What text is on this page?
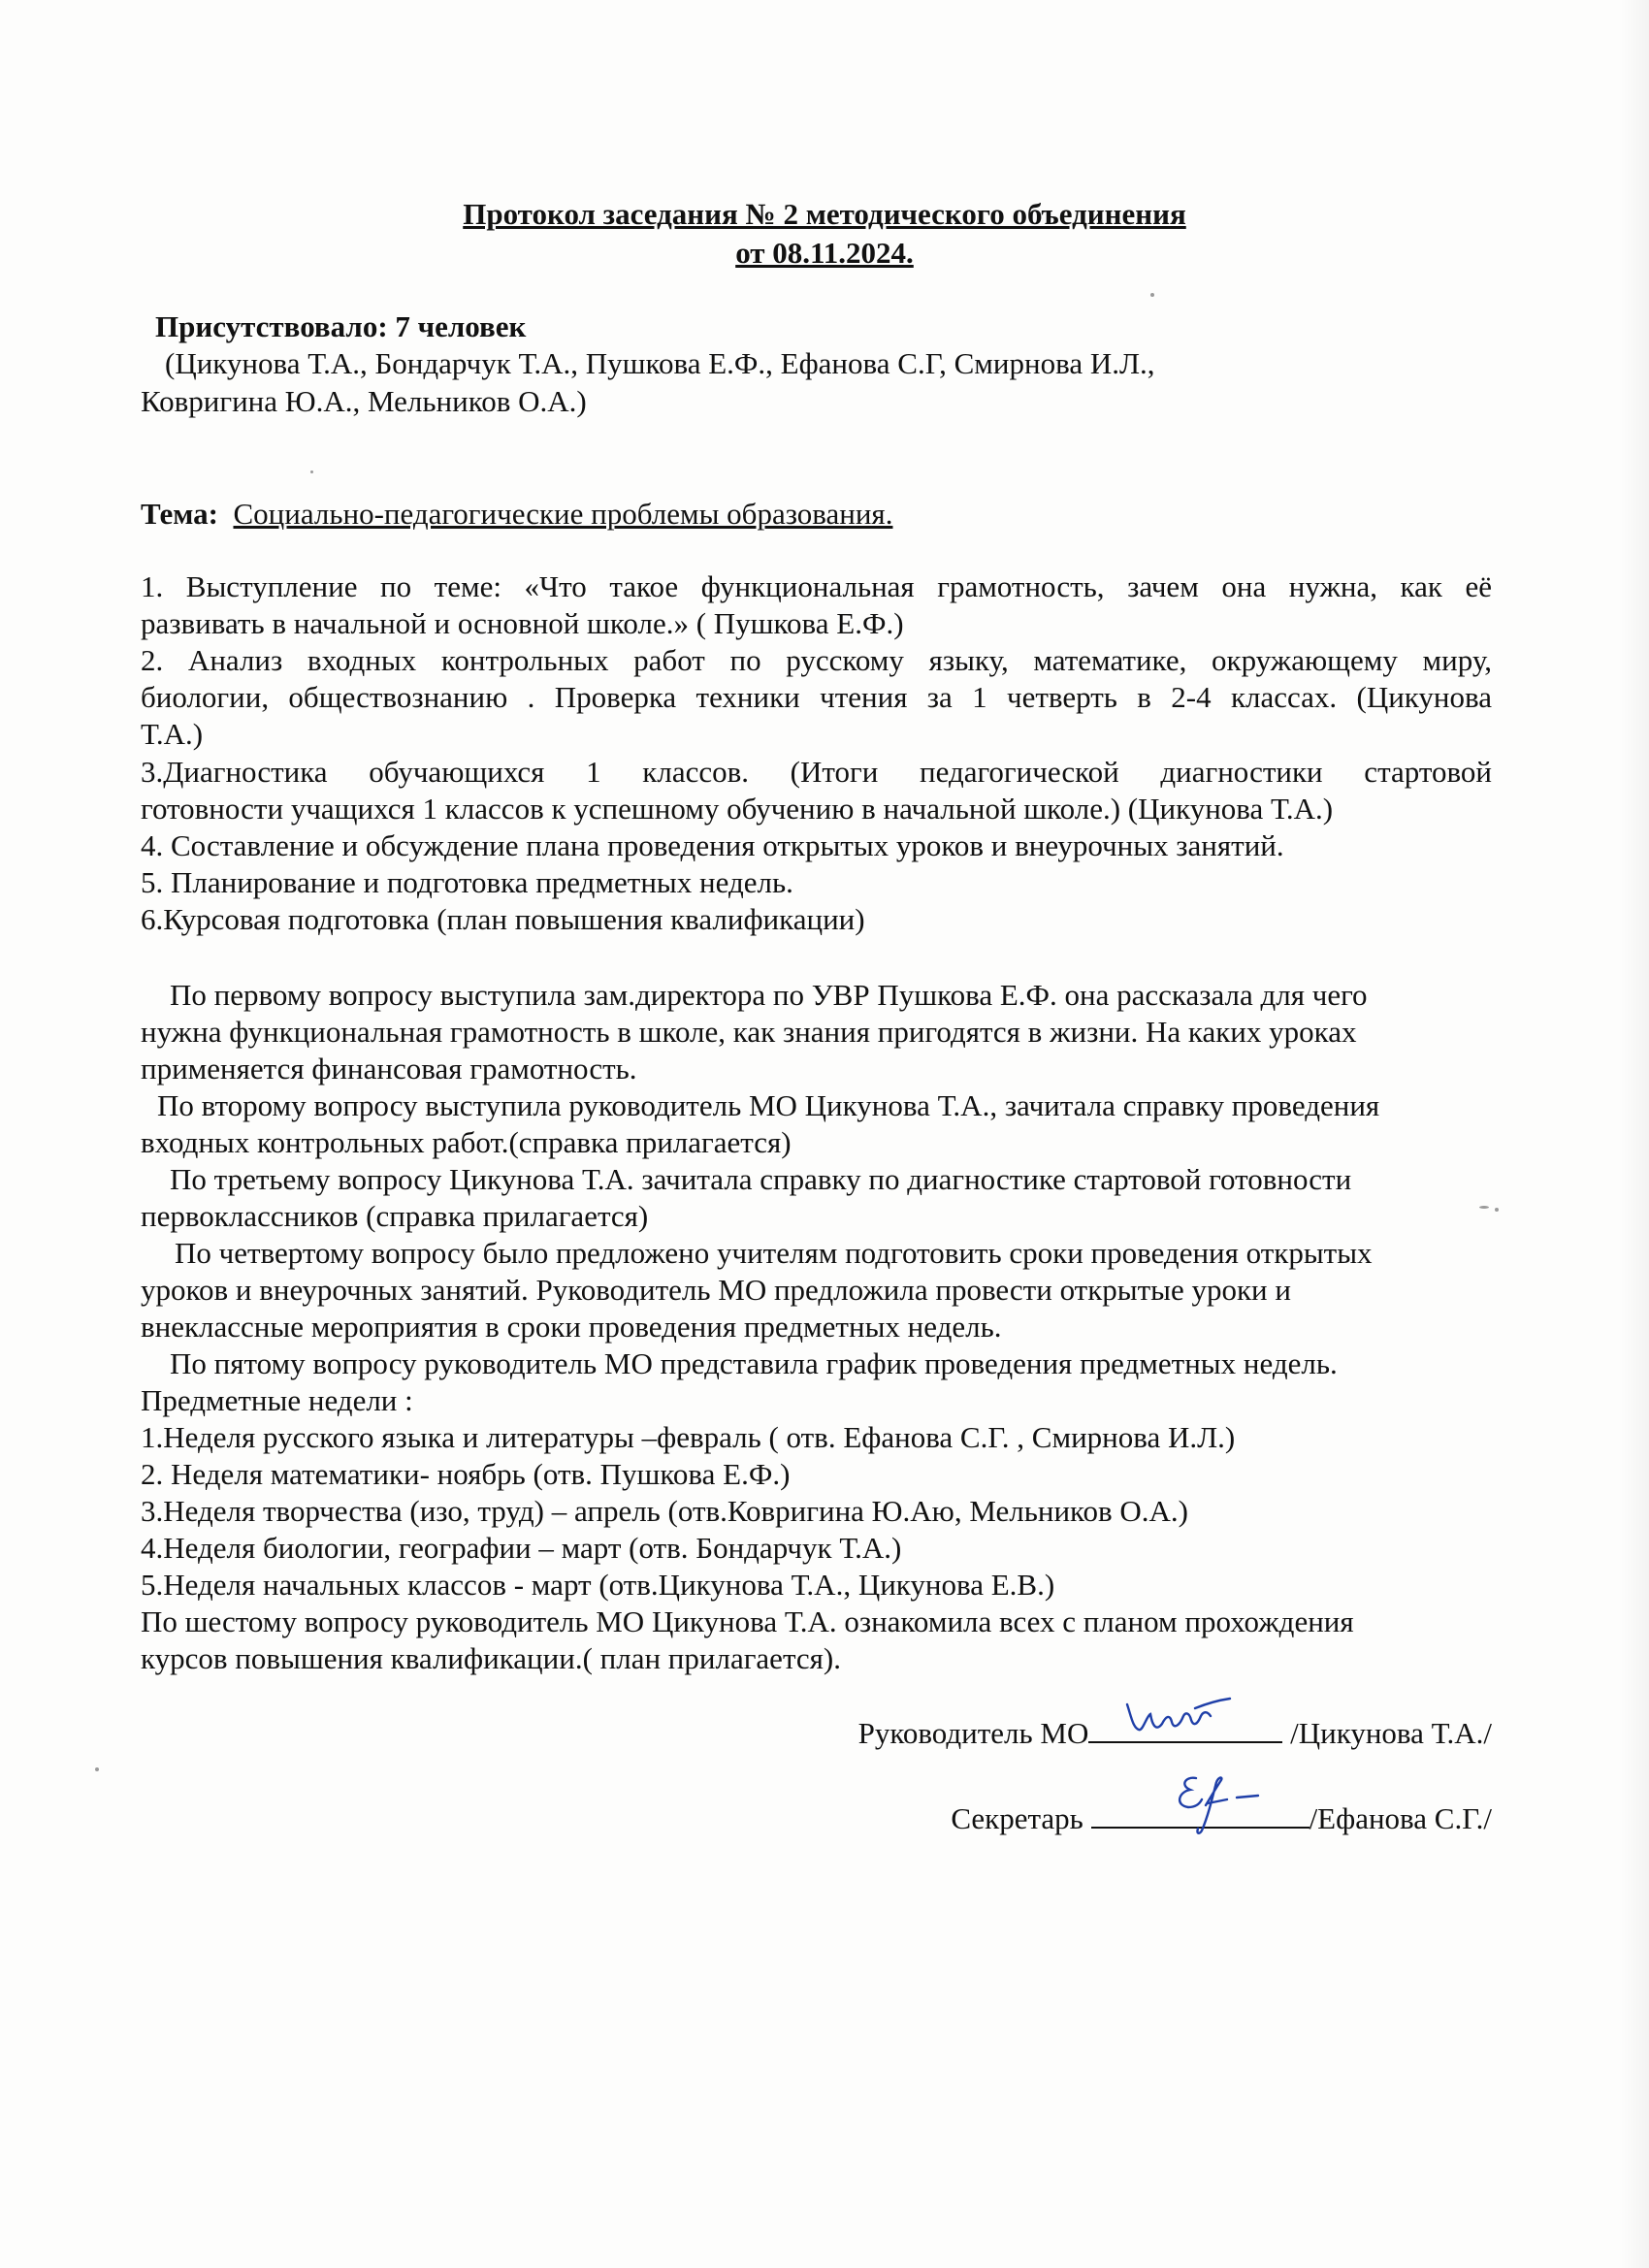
Протокол заседания № 2 методического объединения
от 08.11.2024.
Присутствовало: 7 человек
(Цикунова Т.А., Бондарчук Т.А., Пушкова Е.Ф., Ефанова С.Г, Смирнова И.Л.,
Ковригина Ю.А., Мельников О.А.)
Тема: Социально-педагогические проблемы образования.
1. Выступление по теме: «Что такое функциональная грамотность, зачем она нужна, как её
развивать в начальной и основной школе.» ( Пушкова Е.Ф.)
2. Анализ входных контрольных работ по русскому языку, математике, окружающему миру,
биологии, обществознанию . Проверка техники чтения за 1 четверть в 2-4 классах. (Цикунова
Т.А.)
3.Диагностика обучающихся 1 классов. (Итоги педагогической диагностики стартовой
готовности учащихся 1 классов к успешному обучению в начальной школе.) (Цикунова Т.А.)
4. Составление и обсуждение плана проведения открытых уроков и внеурочных занятий.
5. Планирование и подготовка предметных недель.
6.Курсовая подготовка (план повышения квалификации)
По первому вопросу выступила зам.директора по УВР Пушкова Е.Ф. она рассказала для чего
нужна функциональная грамотность в школе, как знания пригодятся в жизни. На каких уроках
применяется финансовая грамотность.
По второму вопросу выступила руководитель МО Цикунова Т.А., зачитала справку проведения
входных контрольных работ.(справка прилагается)
По третьему вопросу Цикунова Т.А. зачитала справку по диагностике стартовой готовности
первоклассников (справка прилагается)
По четвертому вопросу было предложено учителям подготовить сроки проведения открытых
уроков и внеурочных занятий. Руководитель МО предложила провести открытые уроки и
внеклассные мероприятия в сроки проведения предметных недель.
По пятому вопросу руководитель МО представила график проведения предметных недель.
Предметные недели :
1.Неделя русского языка и литературы –февраль ( отв. Ефанова С.Г. , Смирнова И.Л.)
2. Неделя математики- ноябрь (отв. Пушкова Е.Ф.)
3.Неделя творчества (изо, труд) – апрель (отв.Ковригина Ю.Аю, Мельников О.А.)
4.Неделя биологии, географии – март (отв. Бондарчук Т.А.)
5.Неделя начальных классов - март (отв.Цикунова Т.А., Цикунова Е.В.)
По шестому вопросу руководитель МО Цикунова Т.А. ознакомила всех с планом прохождения
курсов повышения квалификации.( план прилагается).
Руководитель МО	/Цикунова Т.А./
Секретарь	/Ефанова С.Г./
